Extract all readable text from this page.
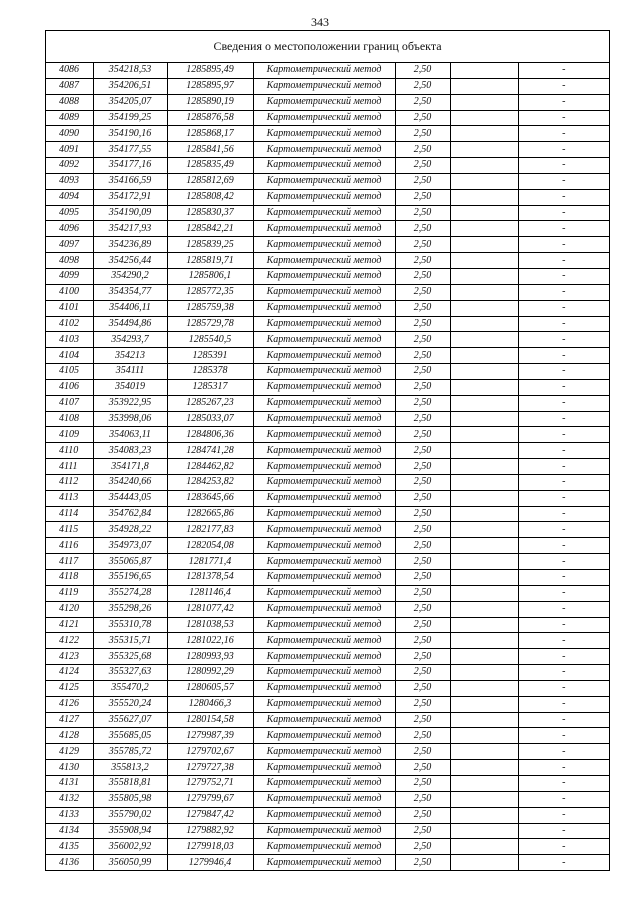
343
Сведения о местоположении границ объекта
4086	354218,53	1285895,49	Картометрический метод	2,50		-
4087	354206,51	1285895,97	Картометрический метод	2,50		-
4088	354205,07	1285890,19	Картометрический метод	2,50		-
4089	354199,25	1285876,58	Картометрический метод	2,50		-
4090	354190,16	1285868,17	Картометрический метод	2,50		-
4091	354177,55	1285841,56	Картометрический метод	2,50		-
4092	354177,16	1285835,49	Картометрический метод	2,50		-
4093	354166,59	1285812,69	Картометрический метод	2,50		-
4094	354172,91	1285808,42	Картометрический метод	2,50		-
4095	354190,09	1285830,37	Картометрический метод	2,50		-
4096	354217,93	1285842,21	Картометрический метод	2,50		-
4097	354236,89	1285839,25	Картометрический метод	2,50		-
4098	354256,44	1285819,71	Картометрический метод	2,50		-
4099	354290,2	1285806,1	Картометрический метод	2,50		-
4100	354354,77	1285772,35	Картометрический метод	2,50		-
4101	354406,11	1285759,38	Картометрический метод	2,50		-
4102	354494,86	1285729,78	Картометрический метод	2,50		-
4103	354293,7	1285540,5	Картометрический метод	2,50		-
4104	354213	1285391	Картометрический метод	2,50		-
4105	354111	1285378	Картометрический метод	2,50		-
4106	354019	1285317	Картометрический метод	2,50		-
4107	353922,95	1285267,23	Картометрический метод	2,50		-
4108	353998,06	1285033,07	Картометрический метод	2,50		-
4109	354063,11	1284806,36	Картометрический метод	2,50		-
4110	354083,23	1284741,28	Картометрический метод	2,50		-
4111	354171,8	1284462,82	Картометрический метод	2,50		-
4112	354240,66	1284253,82	Картометрический метод	2,50		-
4113	354443,05	1283645,66	Картометрический метод	2,50		-
4114	354762,84	1282665,86	Картометрический метод	2,50		-
4115	354928,22	1282177,83	Картометрический метод	2,50		-
4116	354973,07	1282054,08	Картометрический метод	2,50		-
4117	355065,87	1281771,4	Картометрический метод	2,50		-
4118	355196,65	1281378,54	Картометрический метод	2,50		-
4119	355274,28	1281146,4	Картометрический метод	2,50		-
4120	355298,26	1281077,42	Картометрический метод	2,50		-
4121	355310,78	1281038,53	Картометрический метод	2,50		-
4122	355315,71	1281022,16	Картометрический метод	2,50		-
4123	355325,68	1280993,93	Картометрический метод	2,50		-
4124	355327,63	1280992,29	Картометрический метод	2,50		-
4125	355470,2	1280605,57	Картометрический метод	2,50		-
4126	355520,24	1280466,3	Картометрический метод	2,50		-
4127	355627,07	1280154,58	Картометрический метод	2,50		-
4128	355685,05	1279987,39	Картометрический метод	2,50		-
4129	355785,72	1279702,67	Картометрический метод	2,50		-
4130	355813,2	1279727,38	Картометрический метод	2,50		-
4131	355818,81	1279752,71	Картометрический метод	2,50		-
4132	355805,98	1279799,67	Картометрический метод	2,50		-
4133	355790,02	1279847,42	Картометрический метод	2,50		-
4134	355908,94	1279882,92	Картометрический метод	2,50		-
4135	356002,92	1279918,03	Картометрический метод	2,50		-
4136	356050,99	1279946,4	Картометрический метод	2,50		-
